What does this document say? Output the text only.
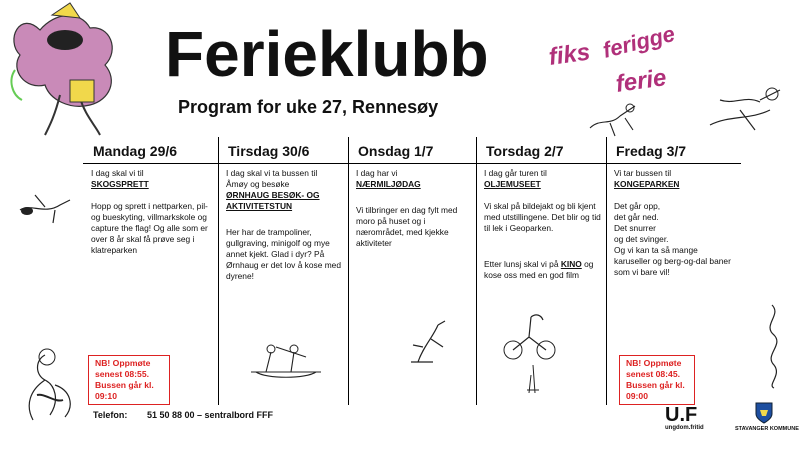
Ferieklubb
Program for uke 27, Rennesøy
fiks ferigge
ferie
Mandag 29/6
I dag skal vi til
SKOGSPRETT
Hopp og sprett i nettparken, pil- og bueskyting, villmarkskole og capture the flag! Og alle som er over 8 år skal få prøve seg i klatreparken
NB! Oppmøte senest 08:55. Bussen går kl. 09:10
Tirsdag 30/6
I dag skal vi ta bussen til Åmøy og besøke
ØRNHAUG BESØK- OG AKTIVITETSTUN
Her har de trampoliner, gullgraving, minigolf og mye annet kjekt. Glad i dyr? På Ørnhaug er det lov å kose med dyrene!
Onsdag 1/7
I dag har vi
NÆRMILJØDAG
Vi tilbringer en dag fylt med moro på huset og i nærområdet, med kjekke aktiviteter
Torsdag 2/7
I dag går turen til
OLJEMUSEET
Vi skal på bildejakt og bli kjent med utstillingene. Det blir og tid til lek i Geoparken.
Etter lunsj skal vi på KINO og kose oss med en god film
Fredag 3/7
Vi tar bussen til
KONGEPARKEN
Det går opp,
det går ned.
Det snurrer
og det svinger.
Og vi kan ta så mange karuseller og berg-og-dal baner som vi bare vil!
NB! Oppmøte senest 08:45. Bussen går kl. 09:00
Telefon: 51 50 88 00 – sentralbord FFF	U.F
ungdom.fritid	STAVANGER KOMMUNE
